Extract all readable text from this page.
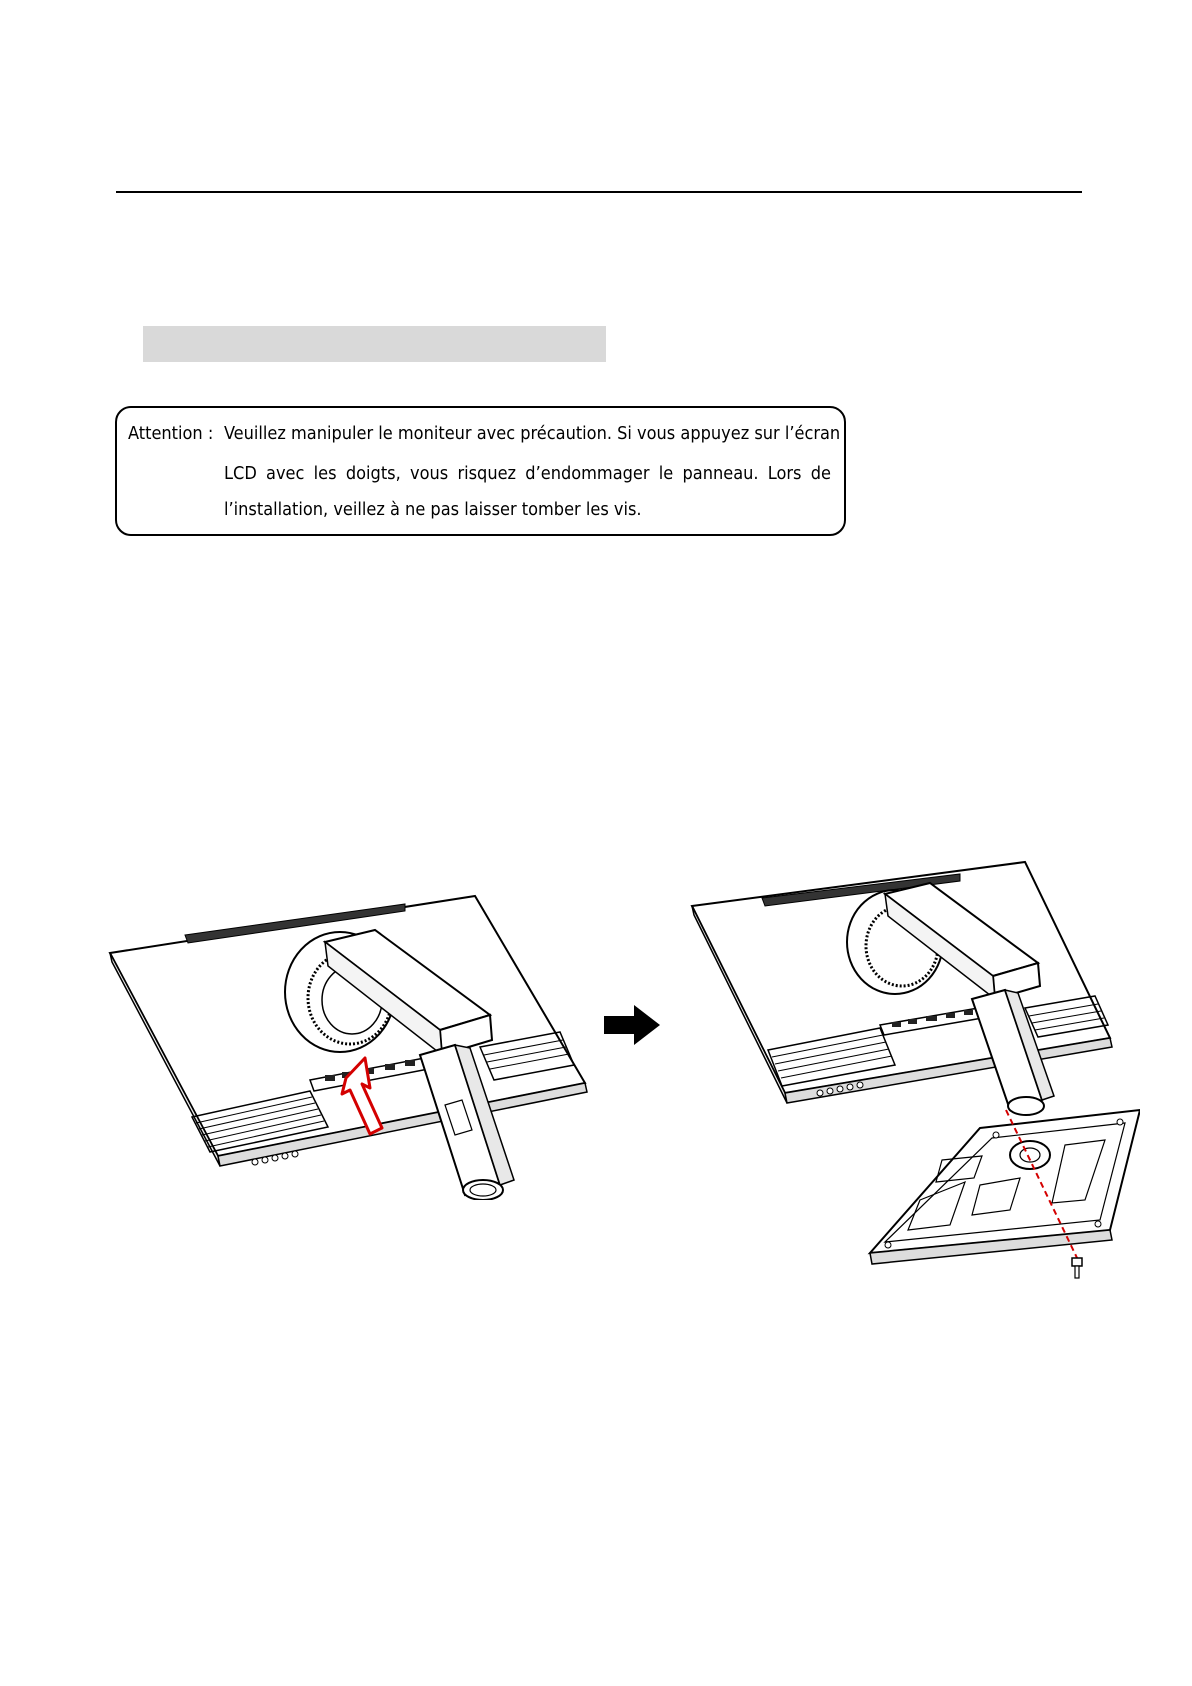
Attention : Veuillez manipuler le moniteur avec précaution. Si vous appuyez sur l’écran
LCD avec les doigts, vous risquez d’endommager le panneau. Lors de
l’installation, veillez à ne pas laisser tomber les vis.
